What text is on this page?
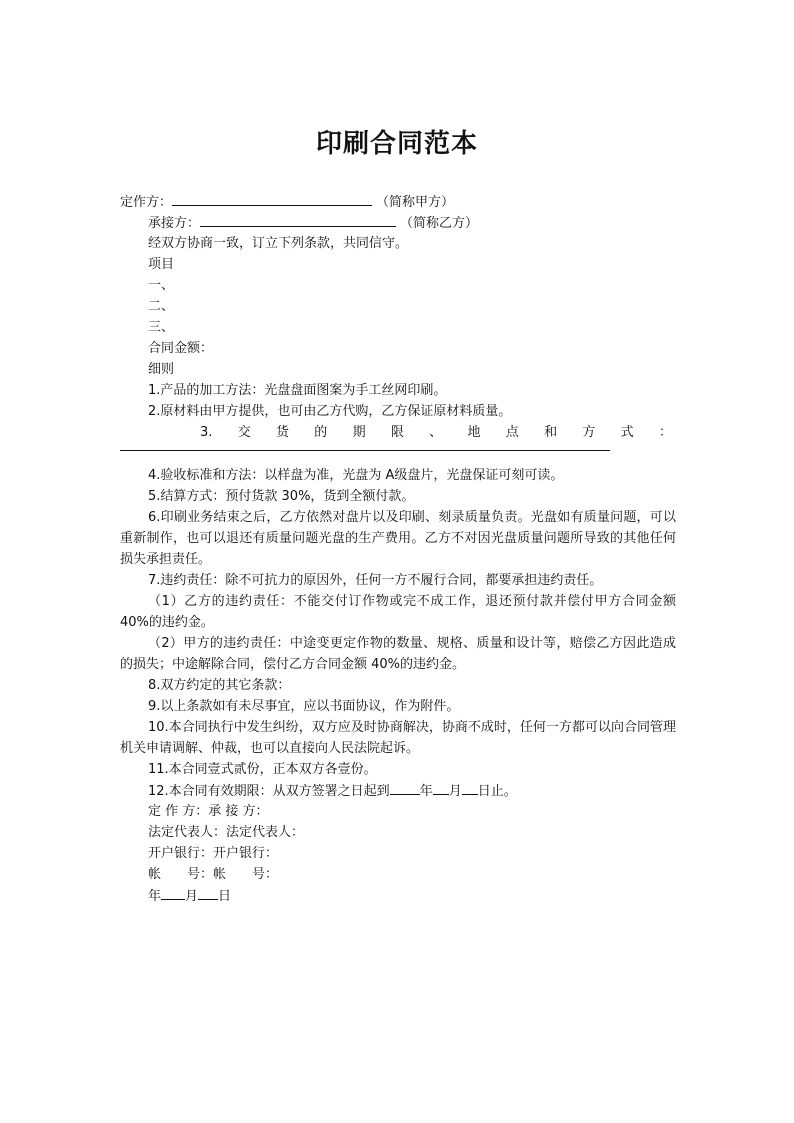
印刷合同范本
定作方：	（简称甲方）
承接方：	（简称乙方）
经双方协商一致，订立下列条款，共同信守。
项目
一、
二、
三、
合同金额：
细则
1.产品的加工方法：光盘盘面图案为手工丝网印刷。
2.原材料由甲方提供，也可由乙方代购，乙方保证原材料质量。
3. 交 货 的 期 限 、 地 点 和 方 式 ：
4.验收标准和方法：以样盘为准，光盘为 A级盘片，光盘保证可刻可读。
5.结算方式：预付货款 30%，货到全额付款。
6.印刷业务结束之后，乙方依然对盘片以及印刷、刻录质量负责。光盘如有质量问题，可以重新制作，也可以退还有质量问题光盘的生产费用。乙方不对因光盘质量问题所导致的其他任何损失承担责任。
7.违约责任：除不可抗力的原因外，任何一方不履行合同，都要承担违约责任。
（1）乙方的违约责任：不能交付订作物或完不成工作，退还预付款并偿付甲方合同金额 40%的违约金。
（2）甲方的违约责任：中途变更定作物的数量、规格、质量和设计等，赔偿乙方因此造成的损失；中途解除合同，偿付乙方合同金额 40%的违约金。
8.双方约定的其它条款：
9.以上条款如有未尽事宜，应以书面协议，作为附件。
10.本合同执行中发生纠纷，双方应及时协商解决，协商不成时，任何一方都可以向合同管理机关申请调解、仲裁，也可以直接向人民法院起诉。
11.本合同壹式贰份，正本双方各壹份。
12.本合同有效期限：从双方签署之日起到 年 月 日止。
定 作 方：承 接 方：
法定代表人：法定代表人：
开户银行：开户银行：
帐 号：帐 号：
年 月 日
